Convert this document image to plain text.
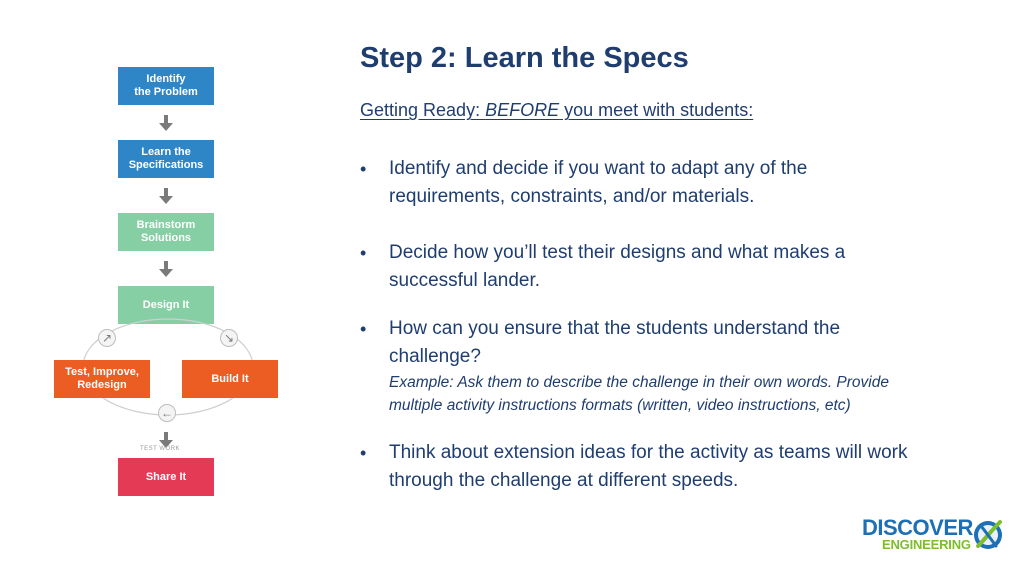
Identify
the Problem
Learn the
Specifications
Brainstorm
Solutions
Design It
↗	↘
←
Test, Improve,
Redesign
Build It
TEST WORK
Share It
Step 2: Learn the Specs
Getting Ready: BEFORE you meet with students:
• Identify and decide if you want to adapt any of the requirements, constraints, and/or materials.
• Decide how you’ll test their designs and what makes a successful lander.
• How can you ensure that the students understand the challenge?
Example: Ask them to describe the challenge in their own words. Provide multiple activity instructions formats (written, video instructions, etc)
• Think about extension ideas for the activity as teams will work through the challenge at different speeds.
DISCOVER
ENGINEERING
